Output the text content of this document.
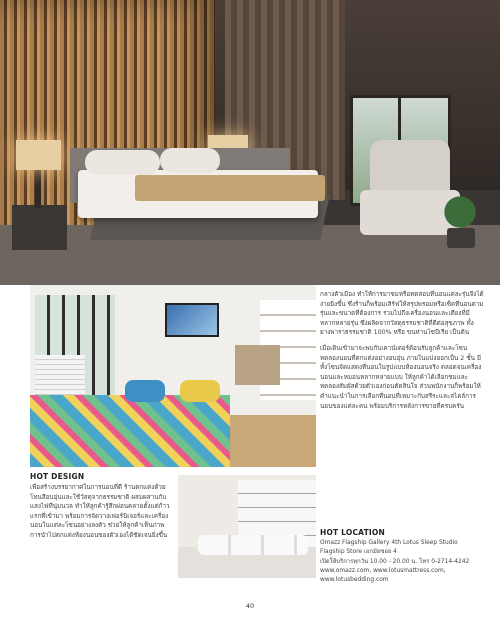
กลางตัวเมือง ทำให้การมาชมหรือทดสอบที่นอนแต่ละรุ่นจึงได้ง่ายยิ่งขึ้น ซึ่งร้านก็พร้อมเสิร์ฟให้สรุปพรอมหรือเซ็ตที่นอนตามรุ่นและขนาดที่ต้องการ รวมไปถึงเครื่องนอนและเตียงที่มีหลากหลายรุ่น ซึ่งผลิตจากวัสดุธรรมชาติที่ดีต่อสุขภาพ ทั้งยางพาราธรรมชาติ 100% หรือ ขนห่านไซบีเรีย เป็นต้น
เมื่อเดินเข้ามาจะพบกับเคาน์เตอร์ต้อนรับลูกค้าและโซนทดลองนอนที่ตกแต่งอย่างอบอุ่น ภายในแบ่งออกเป็น 2 ชั้น มีทั้งโซนจัดแสดงที่นอนในรูปแบบห้องนอนจริง ตลอดจนเครื่องนอนและหมอนหลากหลายแบบ ให้ลูกค้าได้เลือกชมและทดลองสัมผัสด้วยตัวเองก่อนตัดสินใจ ส่วนพนักงานก็พร้อมให้คำแนะนำในการเลือกที่นอนที่เหมาะกับสรีระและสไตล์การนอนของแต่ละคน พร้อมบริการหลังการขายที่ครบครัน
HOT DESIGN
เพื่อสร้างบรรยากาศในการนอนที่ดี ร้านตกแต่งด้วยโทนสีอบอุ่นและใช้วัสดุจากธรรมชาติ ผสมผสานกับแสงไฟที่นุ่มนวล ทำให้ลูกค้ารู้สึกผ่อนคลายตั้งแต่ก้าวแรกที่เข้ามา พร้อมการจัดวางเฟอร์นิเจอร์และเครื่องนอนในแต่ละโซนอย่างลงตัว ช่วยให้ลูกค้าเห็นภาพการนำไปตกแต่งห้องนอนของตัวเองได้ชัดเจนยิ่งขึ้น	HOT LOCATION
Omazz Flagship Gallery 4th Lotus Sleep Studio
Flagship Store เอกมัยซอย 4
เปิดให้บริการทุกวัน 10.00 - 20.00 น. โทร 0-2714-4242
www.omazz.com, www.lotusmattress.com,
www.lotusbedding.com
40
